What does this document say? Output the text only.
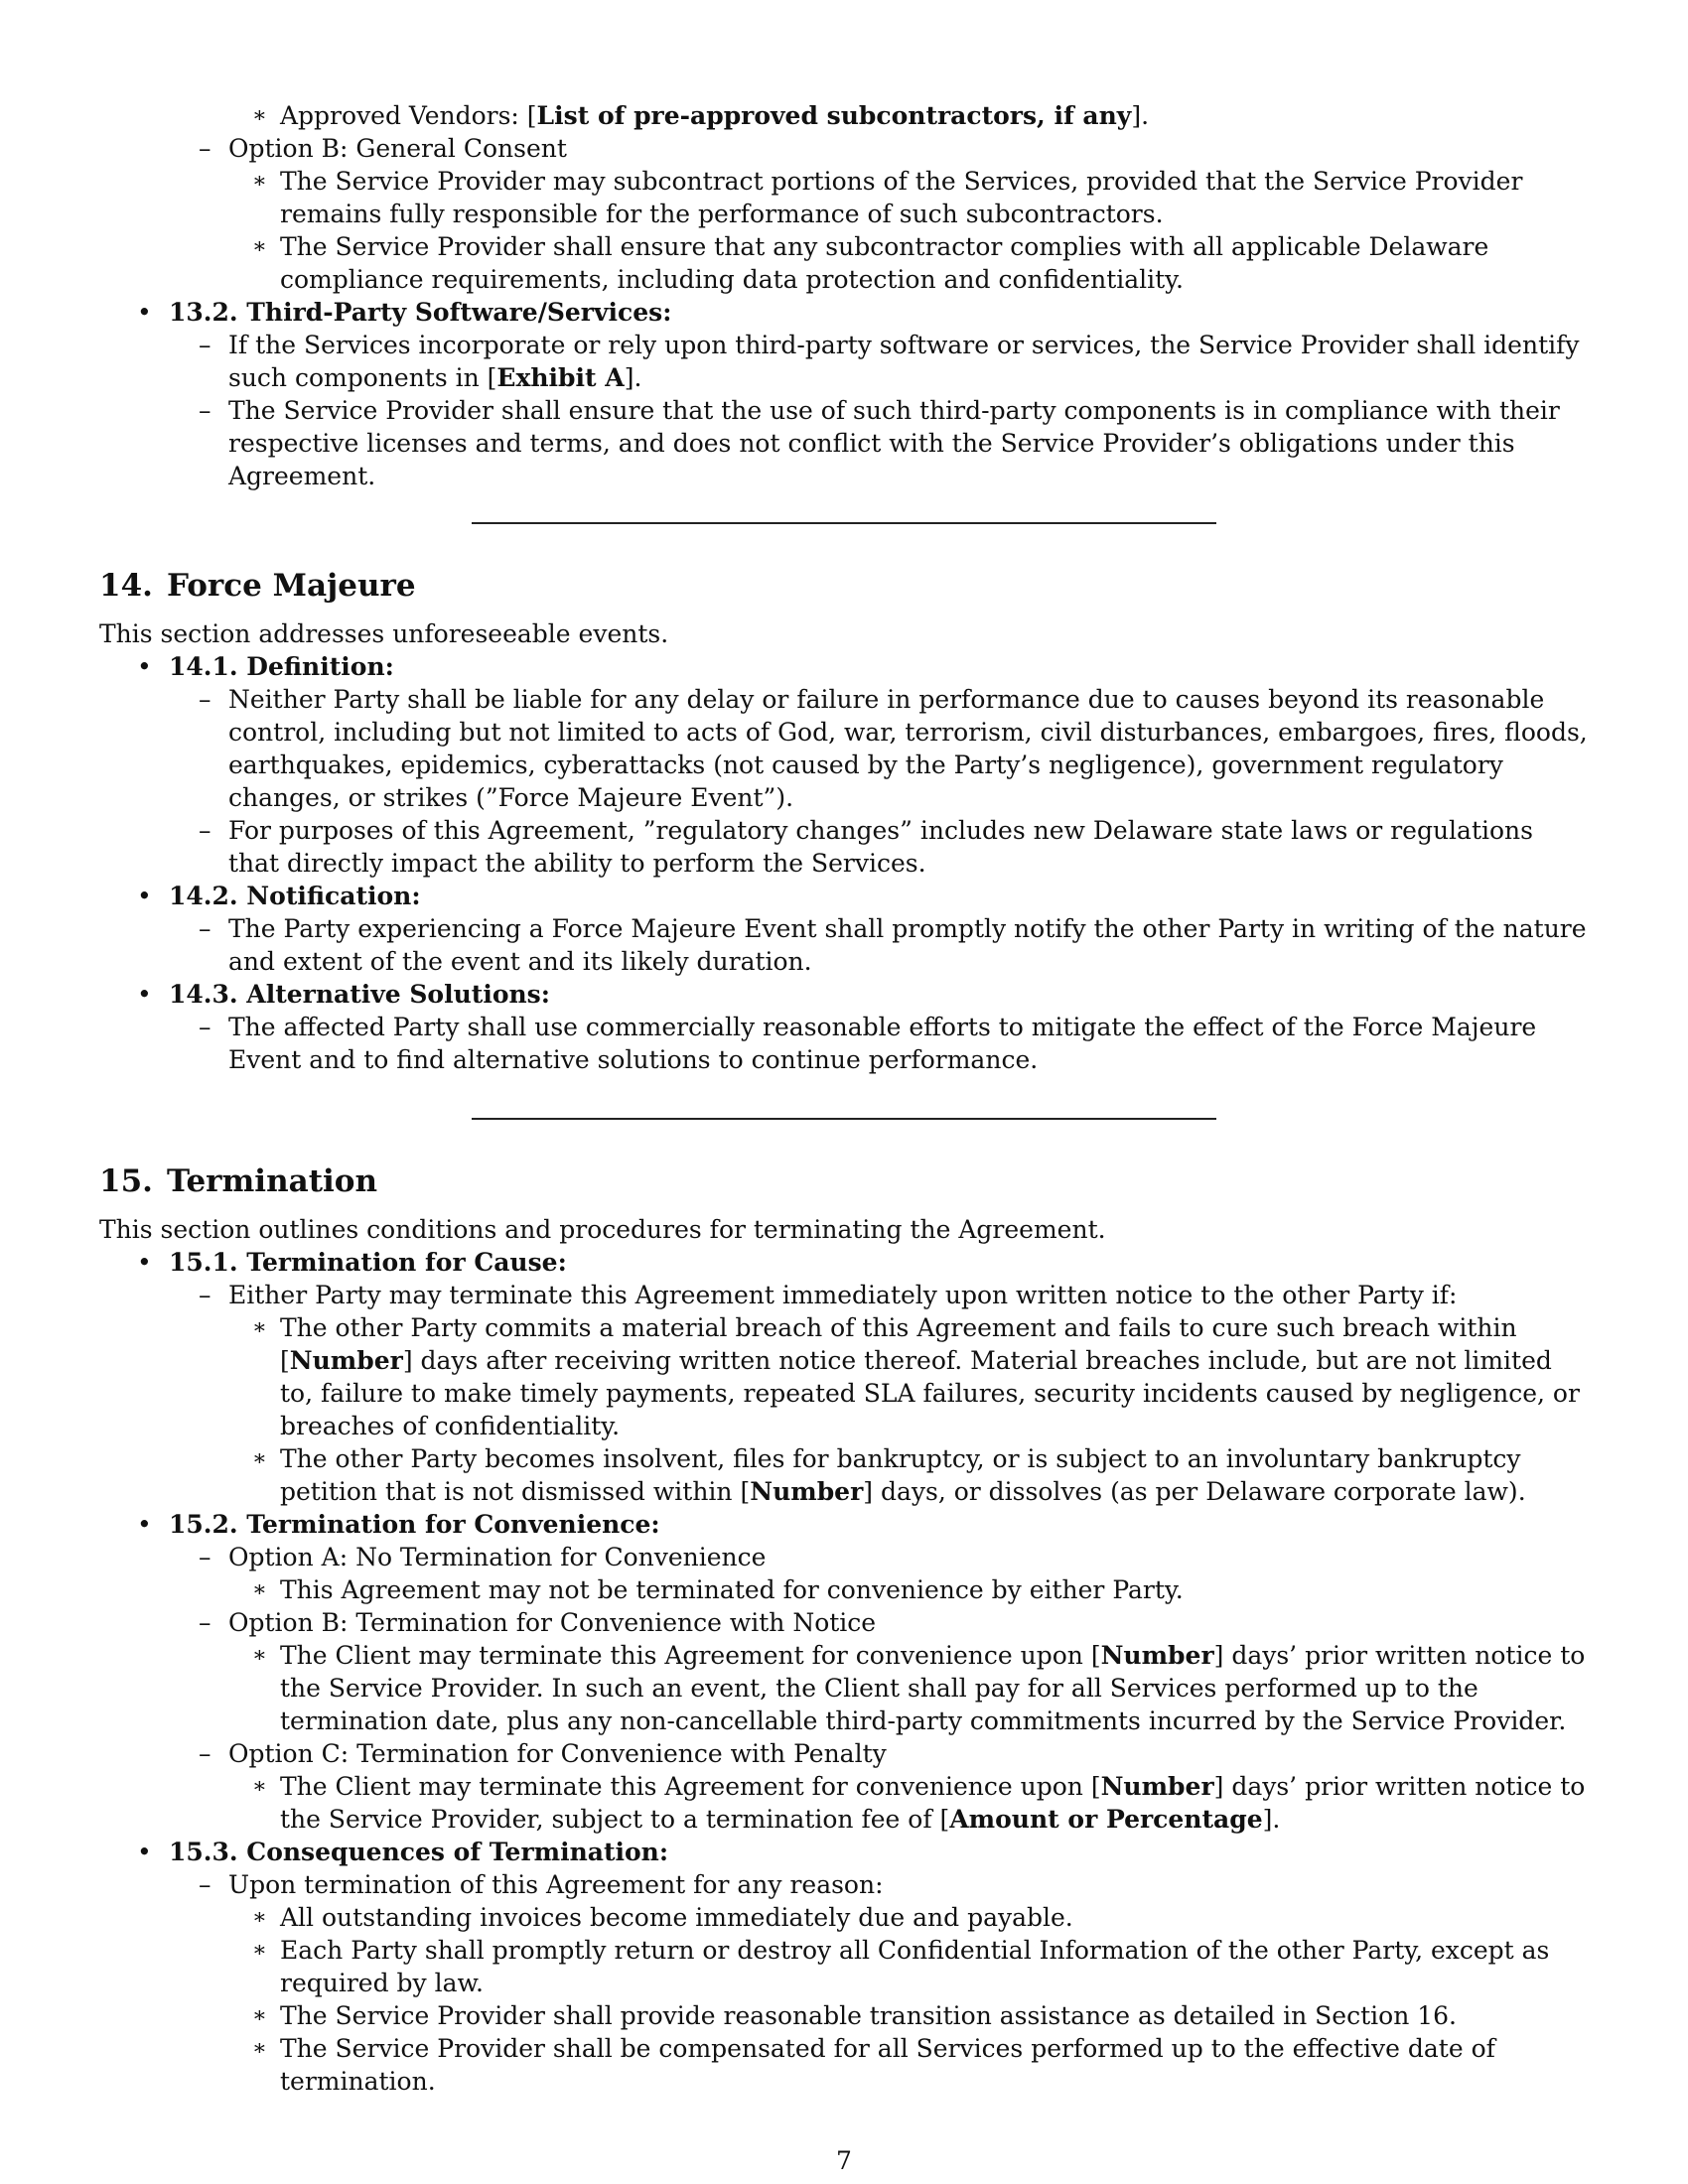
∗ Approved Vendors: [List of pre-approved subcontractors, if any].
– Option B: General Consent
∗ The Service Provider may subcontract portions of the Services, provided that the Service Provider remains fully responsible for the performance of such subcontractors.
∗ The Service Provider shall ensure that any subcontractor complies with all applicable Delaware compliance requirements, including data protection and confidentiality.
• 13.2. Third-Party Software/Services:
– If the Services incorporate or rely upon third-party software or services, the Service Provider shall identify such components in [Exhibit A].
– The Service Provider shall ensure that the use of such third-party components is in compliance with their respective licenses and terms, and does not conflict with the Service Provider’s obligations under this Agreement.
14. Force Majeure

This section addresses unforeseeable events.

• 14.1. Definition:
– Neither Party shall be liable for any delay or failure in performance due to causes beyond its reasonable control, including but not limited to acts of God, war, terrorism, civil disturbances, embargoes, fires, floods, earthquakes, epidemics, cyberattacks (not caused by the Party’s negligence), government regulatory changes, or strikes (”Force Majeure Event”).
– For purposes of this Agreement, ”regulatory changes” includes new Delaware state laws or regulations that directly impact the ability to perform the Services.
• 14.2. Notification:
– The Party experiencing a Force Majeure Event shall promptly notify the other Party in writing of the nature and extent of the event and its likely duration.
• 14.3. Alternative Solutions:
– The affected Party shall use commercially reasonable efforts to mitigate the effect of the Force Majeure Event and to find alternative solutions to continue performance.
15. Termination

This section outlines conditions and procedures for terminating the Agreement.

• 15.1. Termination for Cause:
– Either Party may terminate this Agreement immediately upon written notice to the other Party if:
∗ The other Party commits a material breach of this Agreement and fails to cure such breach within [Number] days after receiving written notice thereof. Material breaches include, but are not limited to, failure to make timely payments, repeated SLA failures, security incidents caused by negligence, or breaches of confidentiality.
∗ The other Party becomes insolvent, files for bankruptcy, or is subject to an involuntary bankruptcy petition that is not dismissed within [Number] days, or dissolves (as per Delaware corporate law).
• 15.2. Termination for Convenience:
– Option A: No Termination for Convenience
∗ This Agreement may not be terminated for convenience by either Party.
– Option B: Termination for Convenience with Notice
∗ The Client may terminate this Agreement for convenience upon [Number] days’ prior written notice to the Service Provider. In such an event, the Client shall pay for all Services performed up to the termination date, plus any non-cancellable third-party commitments incurred by the Service Provider.
– Option C: Termination for Convenience with Penalty
∗ The Client may terminate this Agreement for convenience upon [Number] days’ prior written notice to the Service Provider, subject to a termination fee of [Amount or Percentage].
• 15.3. Consequences of Termination:
– Upon termination of this Agreement for any reason:
∗ All outstanding invoices become immediately due and payable.
∗ Each Party shall promptly return or destroy all Confidential Information of the other Party, except as required by law.
∗ The Service Provider shall provide reasonable transition assistance as detailed in Section 16.
∗ The Service Provider shall be compensated for all Services performed up to the effective date of termination.
7
